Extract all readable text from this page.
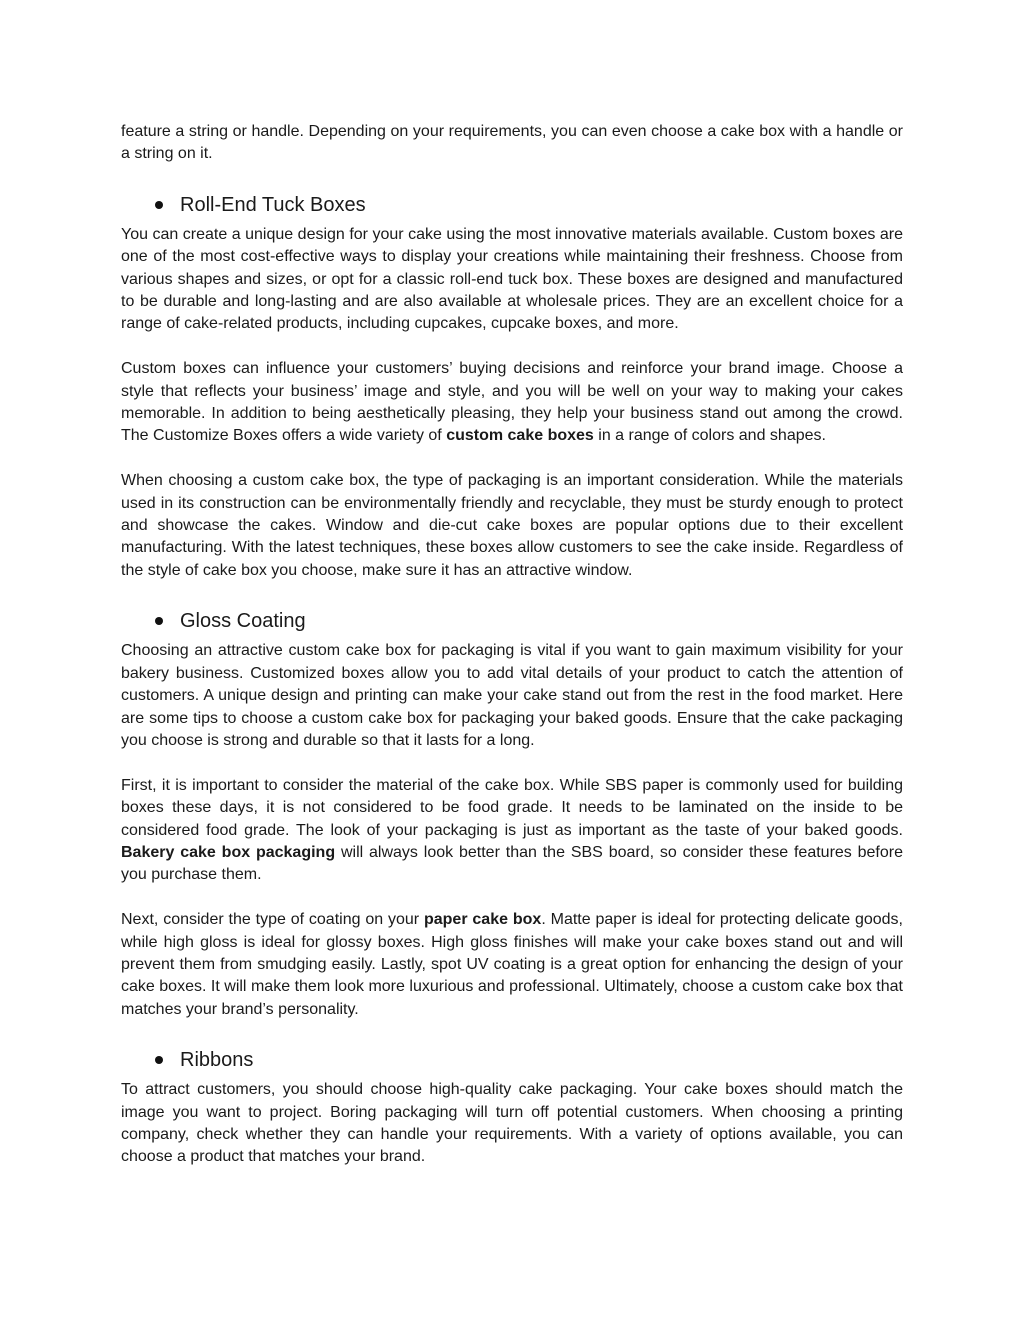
feature a string or handle. Depending on your requirements, you can even choose a cake box with a handle or a string on it.

Roll-End Tuck Boxes

You can create a unique design for your cake using the most innovative materials available. Custom boxes are one of the most cost-effective ways to display your creations while maintaining their freshness. Choose from various shapes and sizes, or opt for a classic roll-end tuck box. These boxes are designed and manufactured to be durable and long-lasting and are also available at wholesale prices. They are an excellent choice for a range of cake-related products, including cupcakes, cupcake boxes, and more.

Custom boxes can influence your customers’ buying decisions and reinforce your brand image. Choose a style that reflects your business’ image and style, and you will be well on your way to making your cakes memorable. In addition to being aesthetically pleasing, they help your business stand out among the crowd. The Customize Boxes offers a wide variety of custom cake boxes in a range of colors and shapes.

When choosing a custom cake box, the type of packaging is an important consideration. While the materials used in its construction can be environmentally friendly and recyclable, they must be sturdy enough to protect and showcase the cakes. Window and die-cut cake boxes are popular options due to their excellent manufacturing. With the latest techniques, these boxes allow customers to see the cake inside. Regardless of the style of cake box you choose, make sure it has an attractive window.

Gloss Coating

Choosing an attractive custom cake box for packaging is vital if you want to gain maximum visibility for your bakery business. Customized boxes allow you to add vital details of your product to catch the attention of customers. A unique design and printing can make your cake stand out from the rest in the food market. Here are some tips to choose a custom cake box for packaging your baked goods. Ensure that the cake packaging you choose is strong and durable so that it lasts for a long.

First, it is important to consider the material of the cake box. While SBS paper is commonly used for building boxes these days, it is not considered to be food grade. It needs to be laminated on the inside to be considered food grade. The look of your packaging is just as important as the taste of your baked goods. Bakery cake box packaging will always look better than the SBS board, so consider these features before you purchase them.

Next, consider the type of coating on your paper cake box. Matte paper is ideal for protecting delicate goods, while high gloss is ideal for glossy boxes. High gloss finishes will make your cake boxes stand out and will prevent them from smudging easily. Lastly, spot UV coating is a great option for enhancing the design of your cake boxes. It will make them look more luxurious and professional. Ultimately, choose a custom cake box that matches your brand’s personality.

Ribbons

To attract customers, you should choose high-quality cake packaging. Your cake boxes should match the image you want to project. Boring packaging will turn off potential customers. When choosing a printing company, check whether they can handle your requirements. With a variety of options available, you can choose a product that matches your brand.
